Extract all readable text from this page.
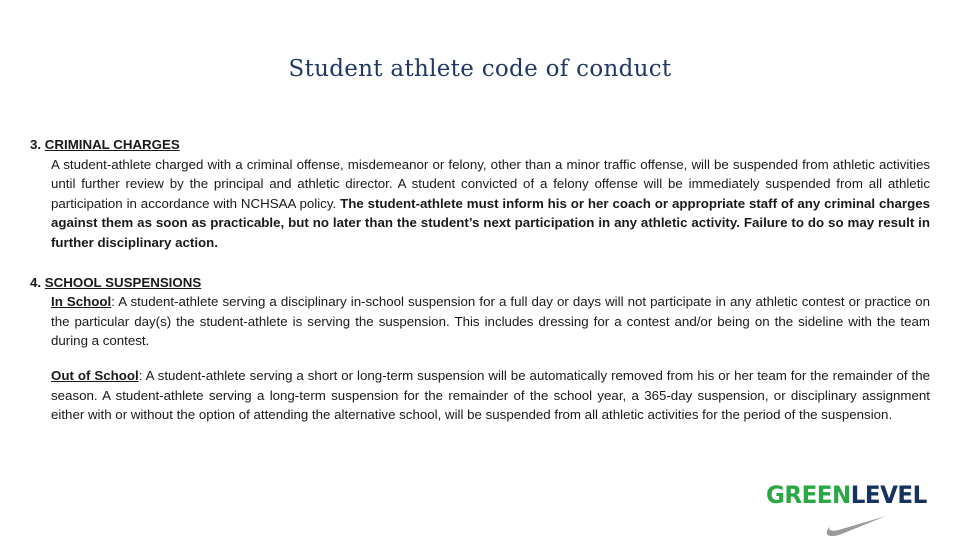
Student athlete code of conduct
3. CRIMINAL CHARGES
A student-athlete charged with a criminal offense, misdemeanor or felony, other than a minor traffic offense, will be suspended from athletic activities until further review by the principal and athletic director. A student convicted of a felony offense will be immediately suspended from all athletic participation in accordance with NCHSAA policy. The student-athlete must inform his or her coach or appropriate staff of any criminal charges against them as soon as practicable, but no later than the student’s next participation in any athletic activity. Failure to do so may result in further disciplinary action.
4. SCHOOL SUSPENSIONS
In School: A student-athlete serving a disciplinary in-school suspension for a full day or days will not participate in any athletic contest or practice on the particular day(s) the student-athlete is serving the suspension. This includes dressing for a contest and/or being on the sideline with the team during a contest.
Out of School: A student-athlete serving a short or long-term suspension will be automatically removed from his or her team for the remainder of the season. A student-athlete serving a long-term suspension for the remainder of the school year, a 365-day suspension, or disciplinary assignment either with or without the option of attending the alternative school, will be suspended from all athletic activities for the period of the suspension.
GREENLEVEL
